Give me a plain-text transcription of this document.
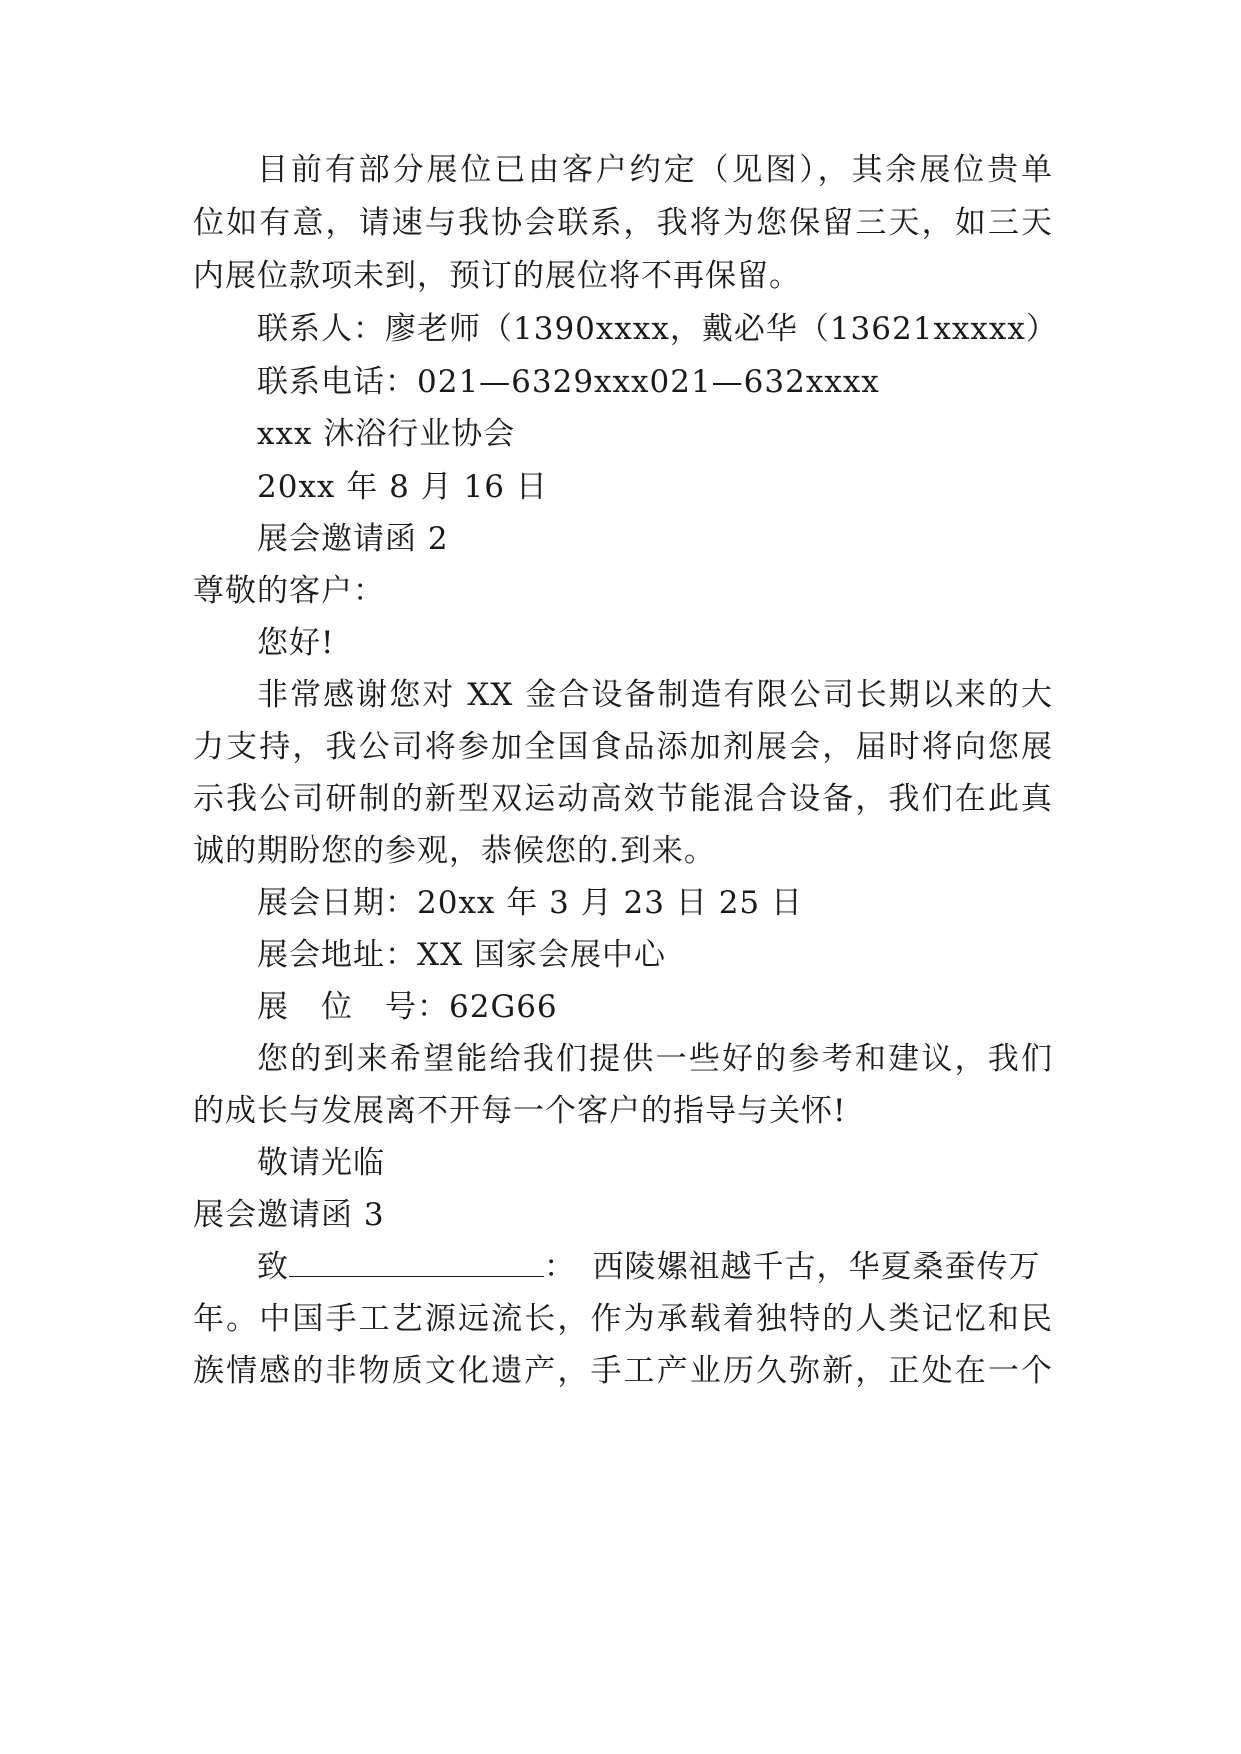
目前有部分展位已由客户约定（见图），其余展位贵单
位如有意，请速与我协会联系，我将为您保留三天，如三天
内展位款项未到，预订的展位将不再保留。
联系人：廖老师（1390xxxx，戴必华（13621xxxxx）
联系电话：021—6329xxx021—632xxxx
xxx 沐浴行业协会
20xx 年 8 月 16 日
展会邀请函 2
尊敬的客户：
您好!
非常感谢您对 XX 金合设备制造有限公司长期以来的大
力支持，我公司将参加全国食品添加剂展会，届时将向您展
示我公司研制的新型双运动高效节能混合设备，我们在此真
诚的期盼您的参观，恭候您的.到来。
展会日期：20xx 年 3 月 23 日 25 日
展会地址：XX 国家会展中心
展　位　号：62G66
您的到来希望能给我们提供一些好的参考和建议，我们
的成长与发展离不开每一个客户的指导与关怀!
敬请光临
展会邀请函 3
致	：　西陵嫘祖越千古，华夏桑蚕传万
年。中国手工艺源远流长，作为承载着独特的人类记忆和民
族情感的非物质文化遗产，手工产业历久弥新，正处在一个
